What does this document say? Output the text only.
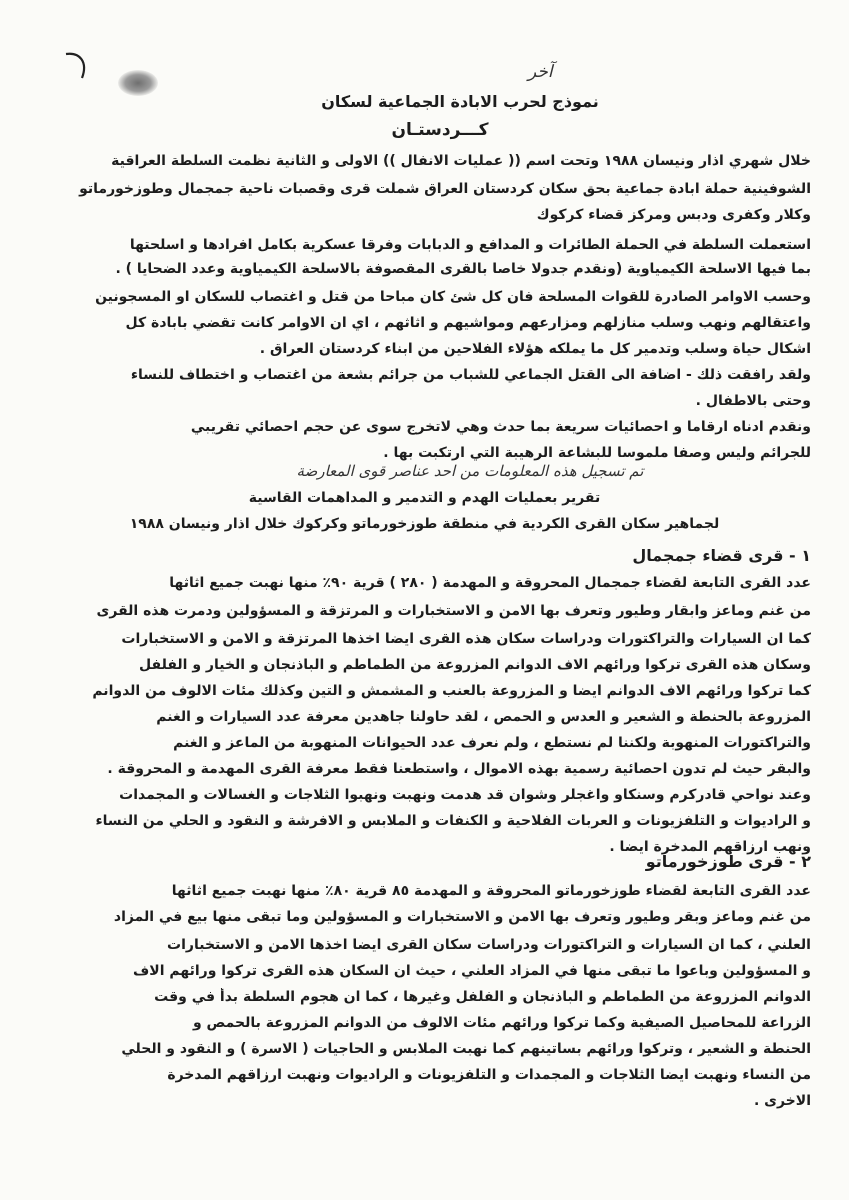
آخر
نموذج لحرب الابادة الجماعية لسكان
كـــردستـان
خلال شهري اذار ونيسان ١٩٨٨ وتحت اسم (( عمليات الانفال )) الاولى و الثانية نظمت السلطة العراقية
الشوفينية حملة ابادة جماعية بحق سكان كردستان العراق شملت قرى وقصبات ناحية جمجمال وطوزخورماتو
وكلار وكفرى ودبس ومركز قضاء كركوك
استعملت السلطة في الحملة الطائرات و المدافع و الدبابات وفرقا عسكرية بكامل افرادها و اسلحتها
بما فيها الاسلحة الكيمياوية (ونقدم جدولا خاصا بالقرى المقصوفة بالاسلحة الكيمياوية وعدد الضحايا ) .
وحسب الاوامر الصادرة للقوات المسلحة فان كل شئ كان مباحا من قتل و اغتصاب للسكان او المسجونين
واعتقالهم ونهب وسلب منازلهم ومزارعهم ومواشيهم و اثاثهم ، اي ان الاوامر كانت تقضي بابادة كل
اشكال حياة وسلب وتدمير كل ما يملكه هؤلاء الفلاحين من ابناء كردستان العراق .
ولقد رافقت ذلك - اضافة الى القتل الجماعي للشباب من جرائم بشعة من اغتصاب و اختطاف للنساء
وحتى بالاطفال .
ونقدم ادناه ارقاما و احصائيات سريعة بما حدث وهي لاتخرج سوى عن حجم احصائي تقريبي
للجرائم وليس وصفا ملموسا للبشاعة الرهيبة التي ارتكبت بها .
تم تسجيل هذه المعلومات من احد عناصر قوى المعارضة
تقرير بعمليات الهدم و التدمير و المداهمات القاسية
لجماهير سكان القرى الكردية في منطقة طوزخورماتو وكركوك خلال اذار ونيسان ١٩٨٨
١ - قرى قضاء جمجمال
عدد القرى التابعة لقضاء جمجمال المحروقة و المهدمة ( ٢٨٠ ) قرية ٩٠٪ منها نهبت جميع اثاثها
من غنم وماعز وابقار وطيور وتعرف بها الامن و الاستخبارات و المرتزقة و المسؤولين ودمرت هذه القرى
كما ان السيارات والتراكتورات ودراسات سكان هذه القرى ايضا اخذها المرتزقة و الامن و الاستخبارات
وسكان هذه القرى تركوا ورائهم الاف الدوانم المزروعة من الطماطم و الباذنجان و الخيار و الفلفل
كما تركوا ورائهم الاف الدوانم ايضا و المزروعة بالعنب و المشمش و التين وكذلك مئات الالوف من الدوانم
المزروعة بالحنطة و الشعير و العدس و الحمص ، لقد حاولنا جاهدين معرفة عدد السيارات و الغنم
والتراكتورات المنهوبة ولكننا لم نستطع ، ولم نعرف عدد الحيوانات المنهوبة من الماعز و الغنم
والبقر حيث لم تدون احصائية رسمية بهذه الاموال ، واستطعنا فقط معرفة القرى المهدمة و المحروقة .
وعند نواحي قادركرم وسنكاو واغجلر وشوان قد هدمت ونهبت ونهبوا الثلاجات و الغسالات و المجمدات
و الراديوات و التلفزيونات و العربات الفلاحية و الكنفات و الملابس و الافرشة و النقود و الحلي من النساء
ونهب ارزاقهم المدخرة ايضا .
٢ - قرى طوزخورماتو
عدد القرى التابعة لقضاء طوزخورماتو المحروقة و المهدمة ٨٥ قرية ٨٠٪ منها نهبت جميع اثاثها
من غنم وماعز وبقر وطيور وتعرف بها الامن و الاستخبارات و المسؤولين وما تبقى منها بيع في المزاد
العلني ، كما ان السيارات و التراكتورات ودراسات سكان القرى ايضا اخذها الامن و الاستخبارات
و المسؤولين وباعوا ما تبقى منها في المزاد العلني ، حيث ان السكان هذه القرى تركوا ورائهم الاف
الدوانم المزروعة من الطماطم و الباذنجان و الفلفل وغيرها ، كما ان هجوم السلطة بدأ في وقت
الزراعة للمحاصيل الصيفية وكما تركوا ورائهم مئات الالوف من الدوانم المزروعة بالحمص و
الحنطة و الشعير ، وتركوا ورائهم بساتينهم كما نهبت الملابس و الحاجيات ( الاسرة ) و النقود و الحلي
من النساء ونهبت ايضا الثلاجات و المجمدات و التلفزيونات و الراديوات ونهبت ارزاقهم المدخرة
الاخرى .
